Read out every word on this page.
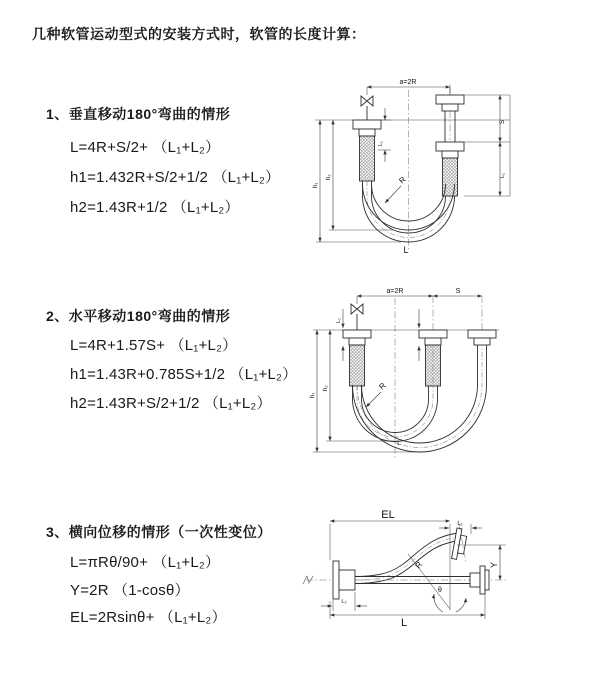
几种软管运动型式的安装方式时，软管的长度计算：
1、垂直移动180°弯曲的情形
L=4R+S/2+ （L₁+L₂）
h1=1.432R+S/2+1/2 （L₁+L₂）
h2=1.43R+1/2 （L₁+L₂）
a=2R
h₁
h₂
L₁
S
L₁
R
L
2、水平移动180°弯曲的情形
L=4R+1.57S+ （L₁+L₂）
h1=1.43R+0.785S+1/2 （L₁+L₂）
h2=1.43R+S/2+1/2 （L₁+L₂）
a=2R	S
h₁
h₂
L₁
R
L
3、横向位移的情形（一次性变位）
L=πRθ/90+ （L₁+L₂）
Y=2R （1-cosθ）
EL=2Rsinθ+ （L₁+L₂）
EL
L₁
L₂
R
θ
Y
L
